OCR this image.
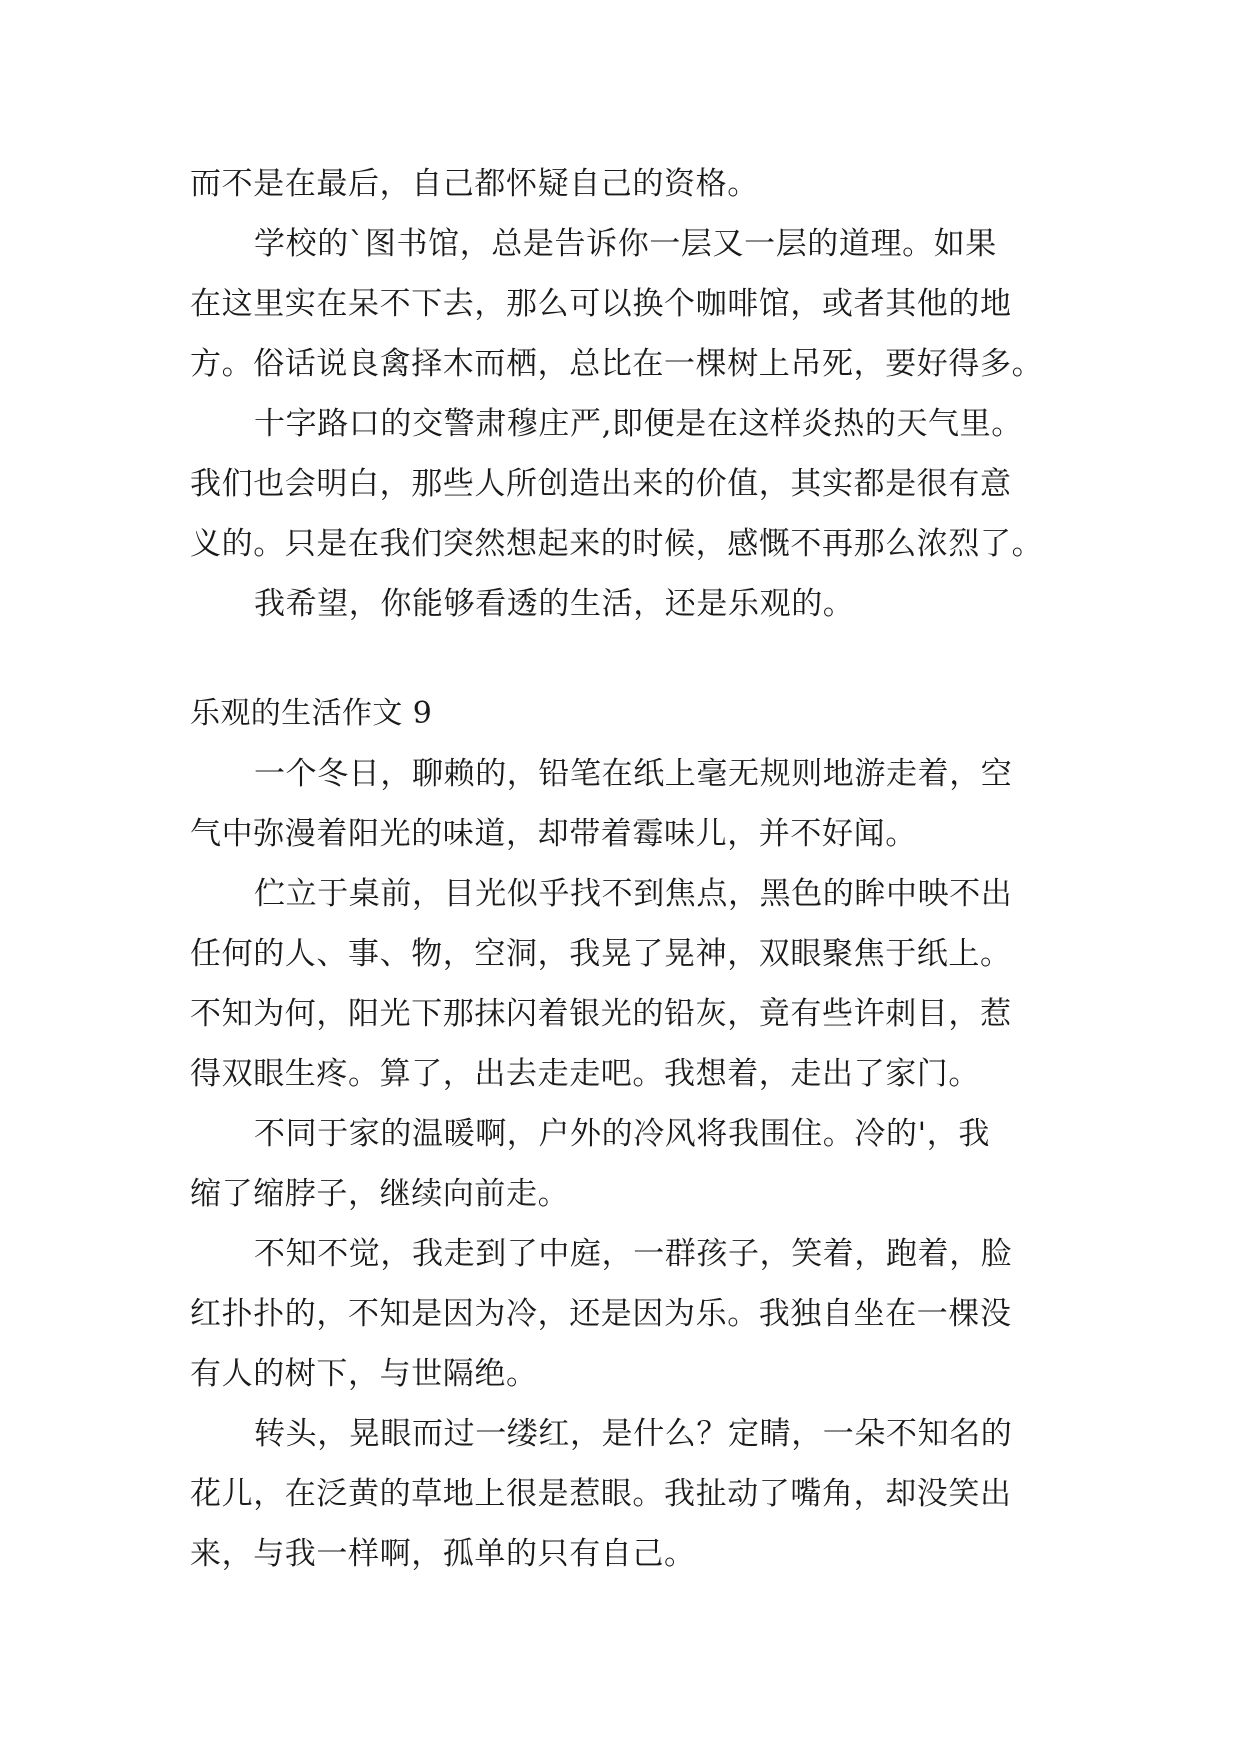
而不是在最后，自己都怀疑自己的资格。
学校的`图书馆，总是告诉你一层又一层的道理。如果
在这里实在呆不下去，那么可以换个咖啡馆，或者其他的地
方。俗话说良禽择木而栖，总比在一棵树上吊死，要好得多。
十字路口的交警肃穆庄严,即便是在这样炎热的天气里。
我们也会明白，那些人所创造出来的价值，其实都是很有意
义的。只是在我们突然想起来的时候，感慨不再那么浓烈了。
我希望，你能够看透的生活，还是乐观的。
乐观的生活作文 9
一个冬日，聊赖的，铅笔在纸上毫无规则地游走着，空
气中弥漫着阳光的味道，却带着霉味儿，并不好闻。
伫立于桌前，目光似乎找不到焦点，黑色的眸中映不出
任何的人、事、物，空洞，我晃了晃神，双眼聚焦于纸上。
不知为何，阳光下那抹闪着银光的铅灰，竟有些许刺目，惹
得双眼生疼。算了，出去走走吧。我想着，走出了家门。
不同于家的温暖啊，户外的冷风将我围住。冷的'，我
缩了缩脖子，继续向前走。
不知不觉，我走到了中庭，一群孩子，笑着，跑着，脸
红扑扑的，不知是因为冷，还是因为乐。我独自坐在一棵没
有人的树下，与世隔绝。
转头，晃眼而过一缕红，是什么？定睛，一朵不知名的
花儿，在泛黄的草地上很是惹眼。我扯动了嘴角，却没笑出
来，与我一样啊，孤单的只有自己。
